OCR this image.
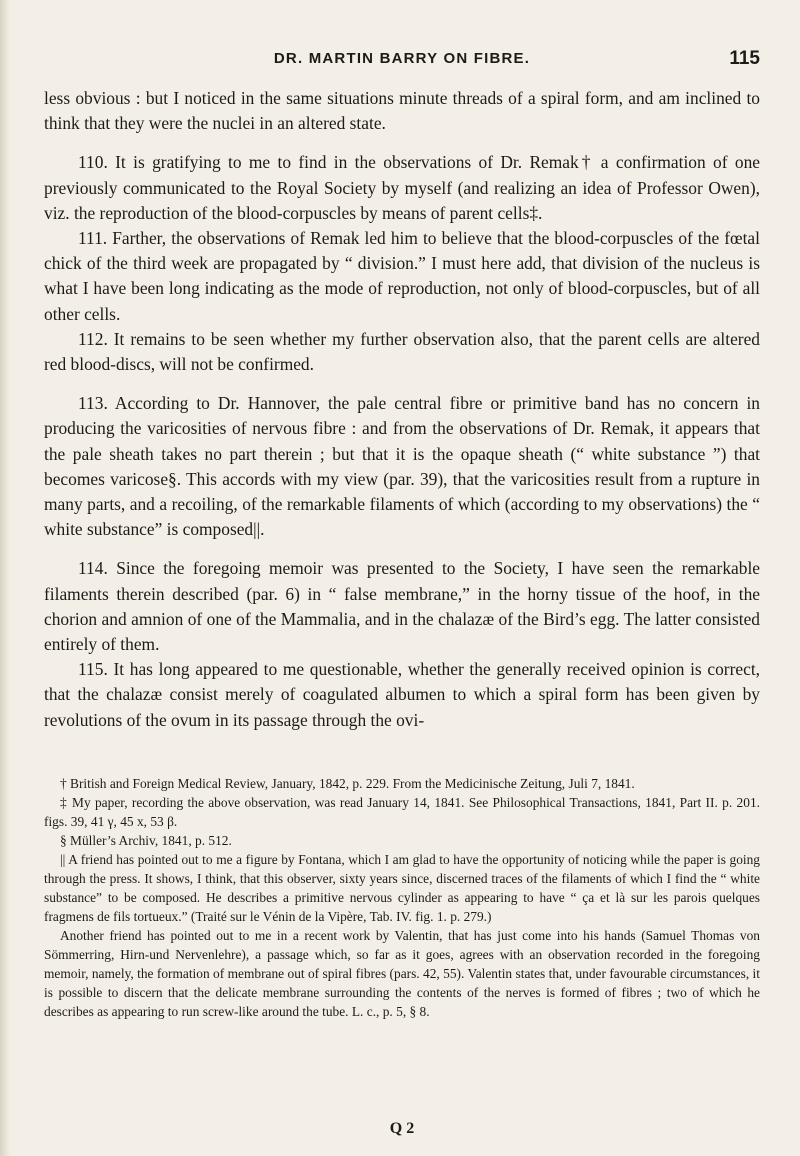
DR. MARTIN BARRY ON FIBRE.	115

less obvious : but I noticed in the same situations minute threads of a spiral form, and am inclined to think that they were the nuclei in an altered state.

110. It is gratifying to me to find in the observations of Dr. Remak† a confirmation of one previously communicated to the Royal Society by myself (and realizing an idea of Professor Owen), viz. the reproduction of the blood-corpuscles by means of parent cells‡.

111. Farther, the observations of Remak led him to believe that the blood-corpuscles of the fœtal chick of the third week are propagated by “ division.” I must here add, that division of the nucleus is what I have been long indicating as the mode of reproduction, not only of blood-corpuscles, but of all other cells.

112. It remains to be seen whether my further observation also, that the parent cells are altered red blood-discs, will not be confirmed.

113. According to Dr. Hannover, the pale central fibre or primitive band has no concern in producing the varicosities of nervous fibre : and from the observations of Dr. Remak, it appears that the pale sheath takes no part therein ; but that it is the opaque sheath (“ white substance ”) that becomes varicose§. This accords with my view (par. 39), that the varicosities result from a rupture in many parts, and a recoiling, of the remarkable filaments of which (according to my observations) the “ white substance” is composed||.

114. Since the foregoing memoir was presented to the Society, I have seen the remarkable filaments therein described (par. 6) in “ false membrane,” in the horny tissue of the hoof, in the chorion and amnion of one of the Mammalia, and in the chalazæ of the Bird’s egg. The latter consisted entirely of them.

115. It has long appeared to me questionable, whether the generally received opinion is correct, that the chalazæ consist merely of coagulated albumen to which a spiral form has been given by revolutions of the ovum in its passage through the ovi-

† British and Foreign Medical Review, January, 1842, p. 229. From the Medicinische Zeitung, Juli 7, 1841.

‡ My paper, recording the above observation, was read January 14, 1841. See Philosophical Transactions, 1841, Part II. p. 201. figs. 39, 41 γ, 45 x, 53 β.

§ Müller’s Archiv, 1841, p. 512.

|| A friend has pointed out to me a figure by Fontana, which I am glad to have the opportunity of noticing while the paper is going through the press. It shows, I think, that this observer, sixty years since, discerned traces of the filaments of which I find the “ white substance” to be composed. He describes a primitive nervous cylinder as appearing to have “ ça et là sur les parois quelques fragmens de fils tortueux.” (Traité sur le Vénin de la Vipère, Tab. IV. fig. 1. p. 279.)

Another friend has pointed out to me in a recent work by Valentin, that has just come into his hands (Samuel Thomas von Sömmerring, Hirn-und Nervenlehre), a passage which, so far as it goes, agrees with an observation recorded in the foregoing memoir, namely, the formation of membrane out of spiral fibres (pars. 42, 55). Valentin states that, under favourable circumstances, it is possible to discern that the delicate membrane surrounding the contents of the nerves is formed of fibres ; two of which he describes as appearing to run screw-like around the tube. L. c., p. 5, § 8.

Q 2
